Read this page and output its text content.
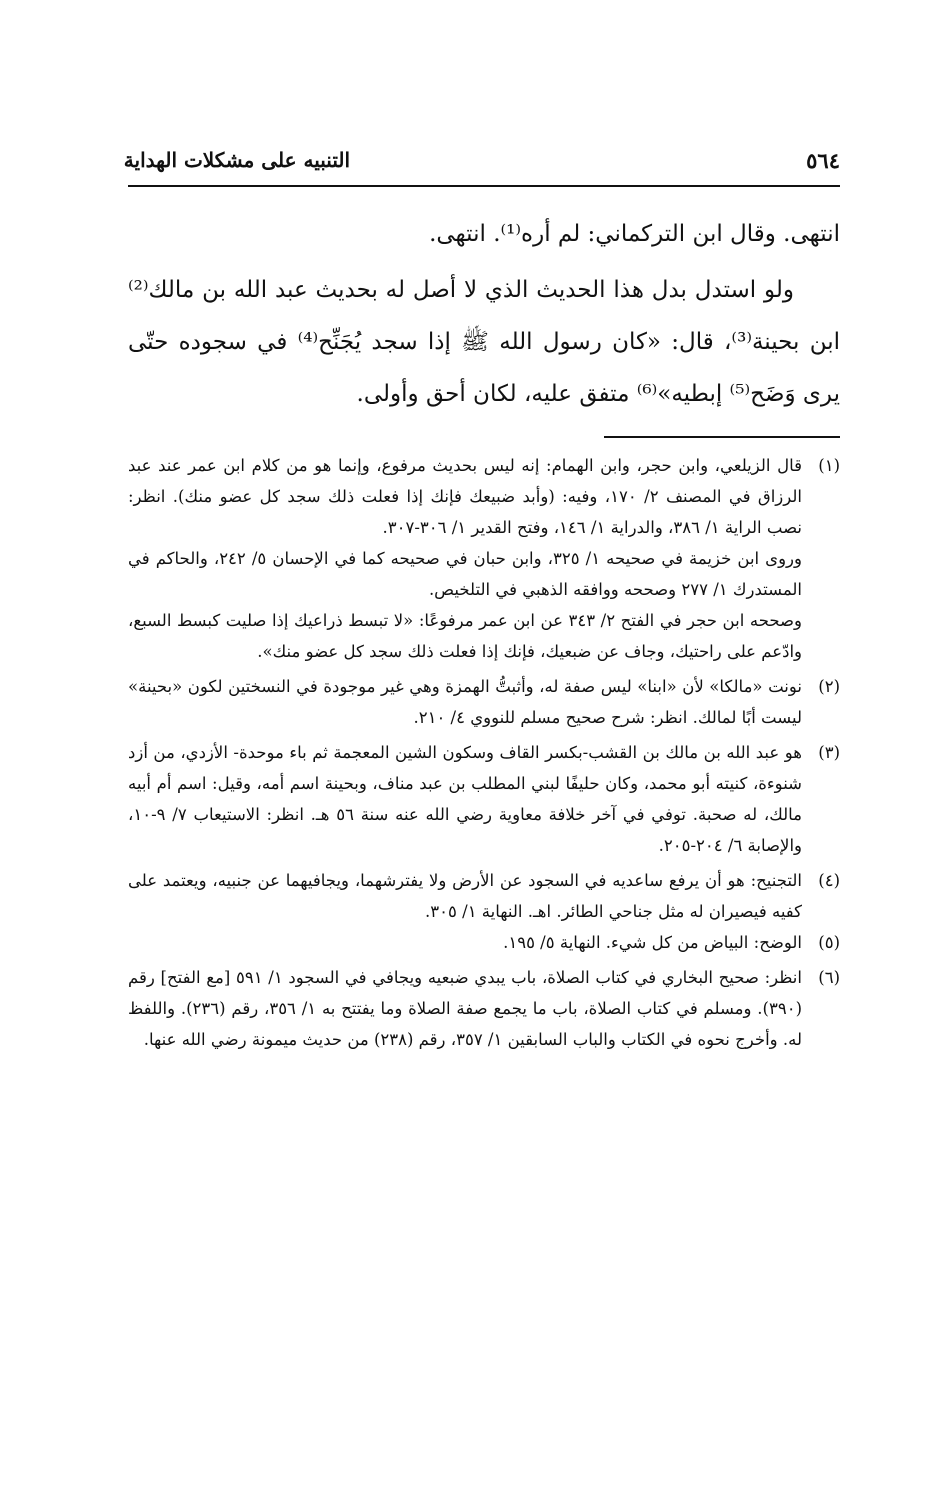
التنبيه على مشكلات الهداية	٥٦٤

انتهى. وقال ابن التركماني: لم أره⁽¹⁾. انتهى.

ولو استدل بدل هذا الحديث الذي لا أصل له بحديث عبد الله بن مالك⁽²⁾ ابن بحينة⁽³⁾، قال: «كان رسول الله ﷺ إذا سجد يُجَنِّح⁽⁴⁾ في سجوده حتّى يرى وَضَح⁽⁵⁾ إبطيه»⁽⁶⁾ متفق عليه، لكان أحق وأولى.

(١)

قال الزيلعي، وابن حجر، وابن الهمام: إنه ليس بحديث مرفوع، وإنما هو من كلام ابن عمر عند عبد الرزاق في المصنف ٢/ ١٧٠، وفيه: (وأبد ضبيعك فإنك إذا فعلت ذلك سجد كل عضو منك). انظر: نصب الراية ١/ ٣٨٦، والدراية ١/ ١٤٦، وفتح القدير ١/ ٣٠٦-٣٠٧.

وروى ابن خزيمة في صحيحه ١/ ٣٢٥، وابن حبان في صحيحه كما في الإحسان ٥/ ٢٤٢، والحاكم في المستدرك ١/ ٢٧٧ وصححه ووافقه الذهبي في التلخيص.

وصححه ابن حجر في الفتح ٢/ ٣٤٣ عن ابن عمر مرفوعًا: «لا تبسط ذراعيك إذا صليت كبسط السبع، وادّعم على راحتيك، وجاف عن ضبعيك، فإنك إذا فعلت ذلك سجد كل عضو منك».

(٢)

نونت «مالكا» لأن «ابنا» ليس صفة له، وأثبتُّ الهمزة وهي غير موجودة في النسختين لكون «بحينة» ليست أبًا لمالك. انظر: شرح صحيح مسلم للنووي ٤/ ٢١٠.

(٣)

هو عبد الله بن مالك بن القشب-بكسر القاف وسكون الشين المعجمة ثم باء موحدة- الأزدي، من أزد شنوءة، كنيته أبو محمد، وكان حليفًا لبني المطلب بن عبد مناف، وبحينة اسم أمه، وقيل: اسم أم أبيه مالك، له صحبة. توفي في آخر خلافة معاوية رضي الله عنه سنة ٥٦ هـ. انظر: الاستيعاب ٧/ ٩-١٠، والإصابة ٦/ ٢٠٤-٢٠٥.

(٤)

التجنيح: هو أن يرفع ساعديه في السجود عن الأرض ولا يفترشهما، ويجافيهما عن جنبيه، ويعتمد على كفيه فيصيران له مثل جناحي الطائر. اهـ. النهاية ١/ ٣٠٥.

(٥)

الوضح: البياض من كل شيء. النهاية ٥/ ١٩٥.

(٦)

انظر: صحيح البخاري في كتاب الصلاة، باب يبدي ضبعيه ويجافي في السجود ١/ ٥٩١ [مع الفتح] رقم (٣٩٠). ومسلم في كتاب الصلاة، باب ما يجمع صفة الصلاة وما يفتتح به ١/ ٣٥٦، رقم (٢٣٦). واللفظ له. وأخرج نحوه في الكتاب والباب السابقين ١/ ٣٥٧، رقم (٢٣٨) من حديث ميمونة رضي الله عنها.
